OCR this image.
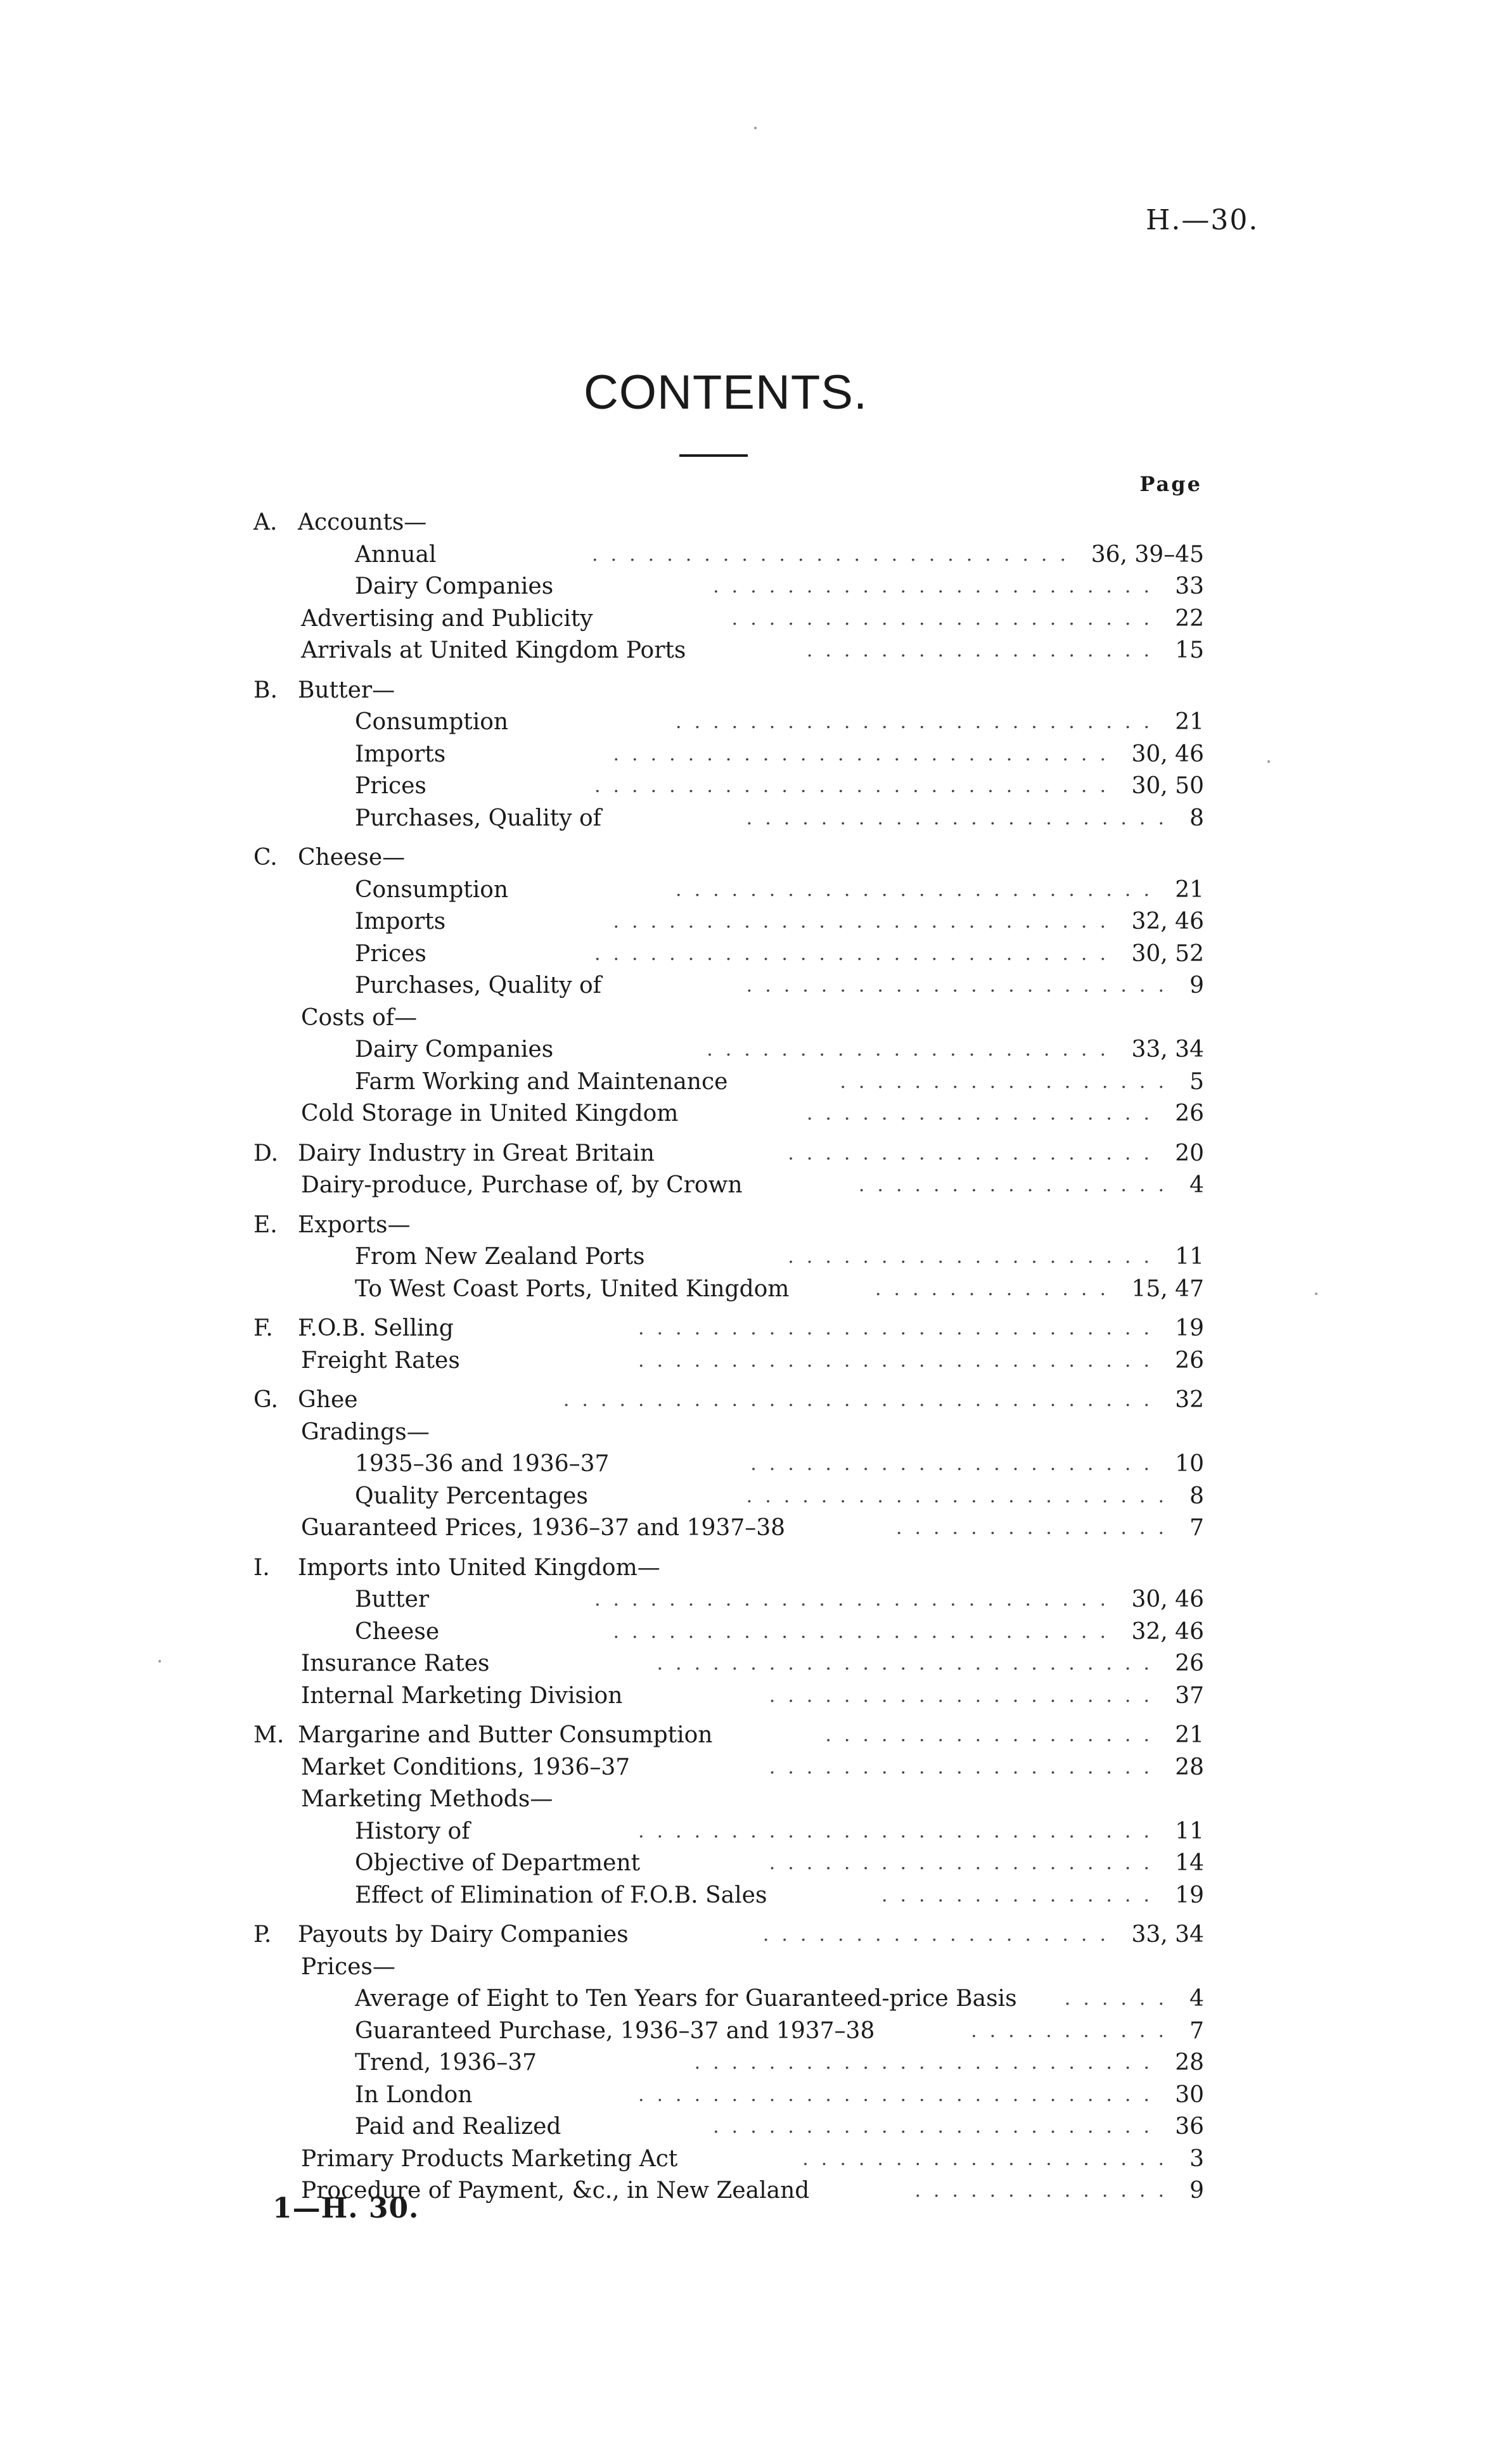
H.—30.
CONTENTS.
Page
A. Accounts—
Annual	.......................... 36, 39–45
Dairy Companies	........................ 33
Advertising and Publicity	....................... 22
Arrivals at United Kingdom Ports	................... 15
B. Butter—
Consumption	.......................... 21
Imports	........................... 30, 46
Prices	............................ 30, 50
Purchases, Quality of	....................... 8
C. Cheese—
Consumption	.......................... 21
Imports	........................... 32, 46
Prices	............................ 30, 52
Purchases, Quality of	....................... 9
Costs of—
Dairy Companies	...................... 33, 34
Farm Working and Maintenance	.................. 5
Cold Storage in United Kingdom	................... 26
D. Dairy Industry in Great Britain	.................... 20
Dairy-produce, Purchase of, by Crown	................. 4
E. Exports—
From New Zealand Ports	.................... 11
To West Coast Ports, United Kingdom	............. 15, 47
F.	F.O.B. Selling	............................ 19
Freight Rates	............................ 26
G. Ghee	................................ 32
Gradings—
1935–36 and 1936–37	...................... 10
Quality Percentages	....................... 8
Guaranteed Prices, 1936–37 and 1937–38	............... 7
I.	Imports into United Kingdom—
Butter	............................ 30, 46
Cheese	........................... 32, 46
Insurance Rates	........................... 26
Internal Marketing Division	..................... 37
M. Margarine and Butter Consumption	.................. 21
Market Conditions, 1936–37	..................... 28
Marketing Methods—
History of	............................ 11
Objective of Department	..................... 14
Effect of Elimination of F.O.B. Sales	............... 19
P.	Payouts by Dairy Companies	................... 33, 34
Prices—
Average of Eight to Ten Years for Guaranteed-price Basis	...... 4
Guaranteed Purchase, 1936–37 and 1937–38	........... 7
Trend, 1936–37	......................... 28
In London	............................ 30
Paid and Realized	........................ 36
Primary Products Marketing Act	.................... 3
Procedure of Payment, &c., in New Zealand	.............. 9
1—H. 30.
